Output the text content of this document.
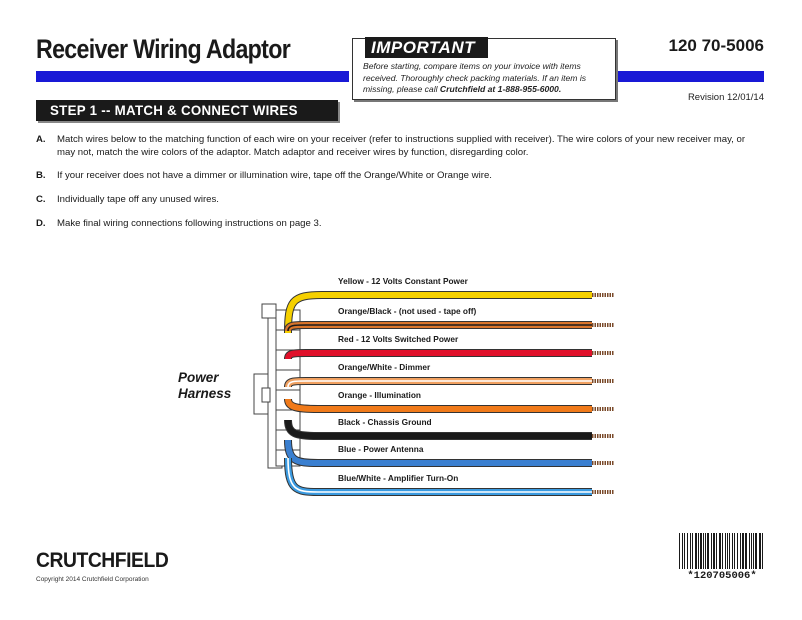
Receiver Wiring Adaptor	120 70-5006
IMPORTANT
Before starting, compare items on your invoice with items received. Thoroughly check packing materials. If an item is missing, please call Crutchfield at 1-888-955-6000.
Revision 12/01/14
STEP 1 -- MATCH & CONNECT WIRES
A.	Match wires below to the matching function of each wire on your receiver (refer to instructions supplied with receiver). The wire colors of your new receiver may, or may not, match the wire colors of the adaptor. Match adaptor and receiver wires by function, disregarding color.
B.	If your receiver does not have a dimmer or illumination wire, tape off the Orange/White or Orange wire.
C.	Individually tape off any unused wires.
D.	Make final wiring connections following instructions on page 3.
Power
Harness
Yellow - 12 Volts Constant Power
Orange/Black - (not used - tape off)
Red - 12 Volts Switched Power
Orange/White - Dimmer
Orange - Illumination
Black - Chassis Ground
Blue - Power Antenna
Blue/White - Amplifier Turn-On
CRUTCHFIELD
Copyright 2014 Crutchfield Corporation	*120705006*
